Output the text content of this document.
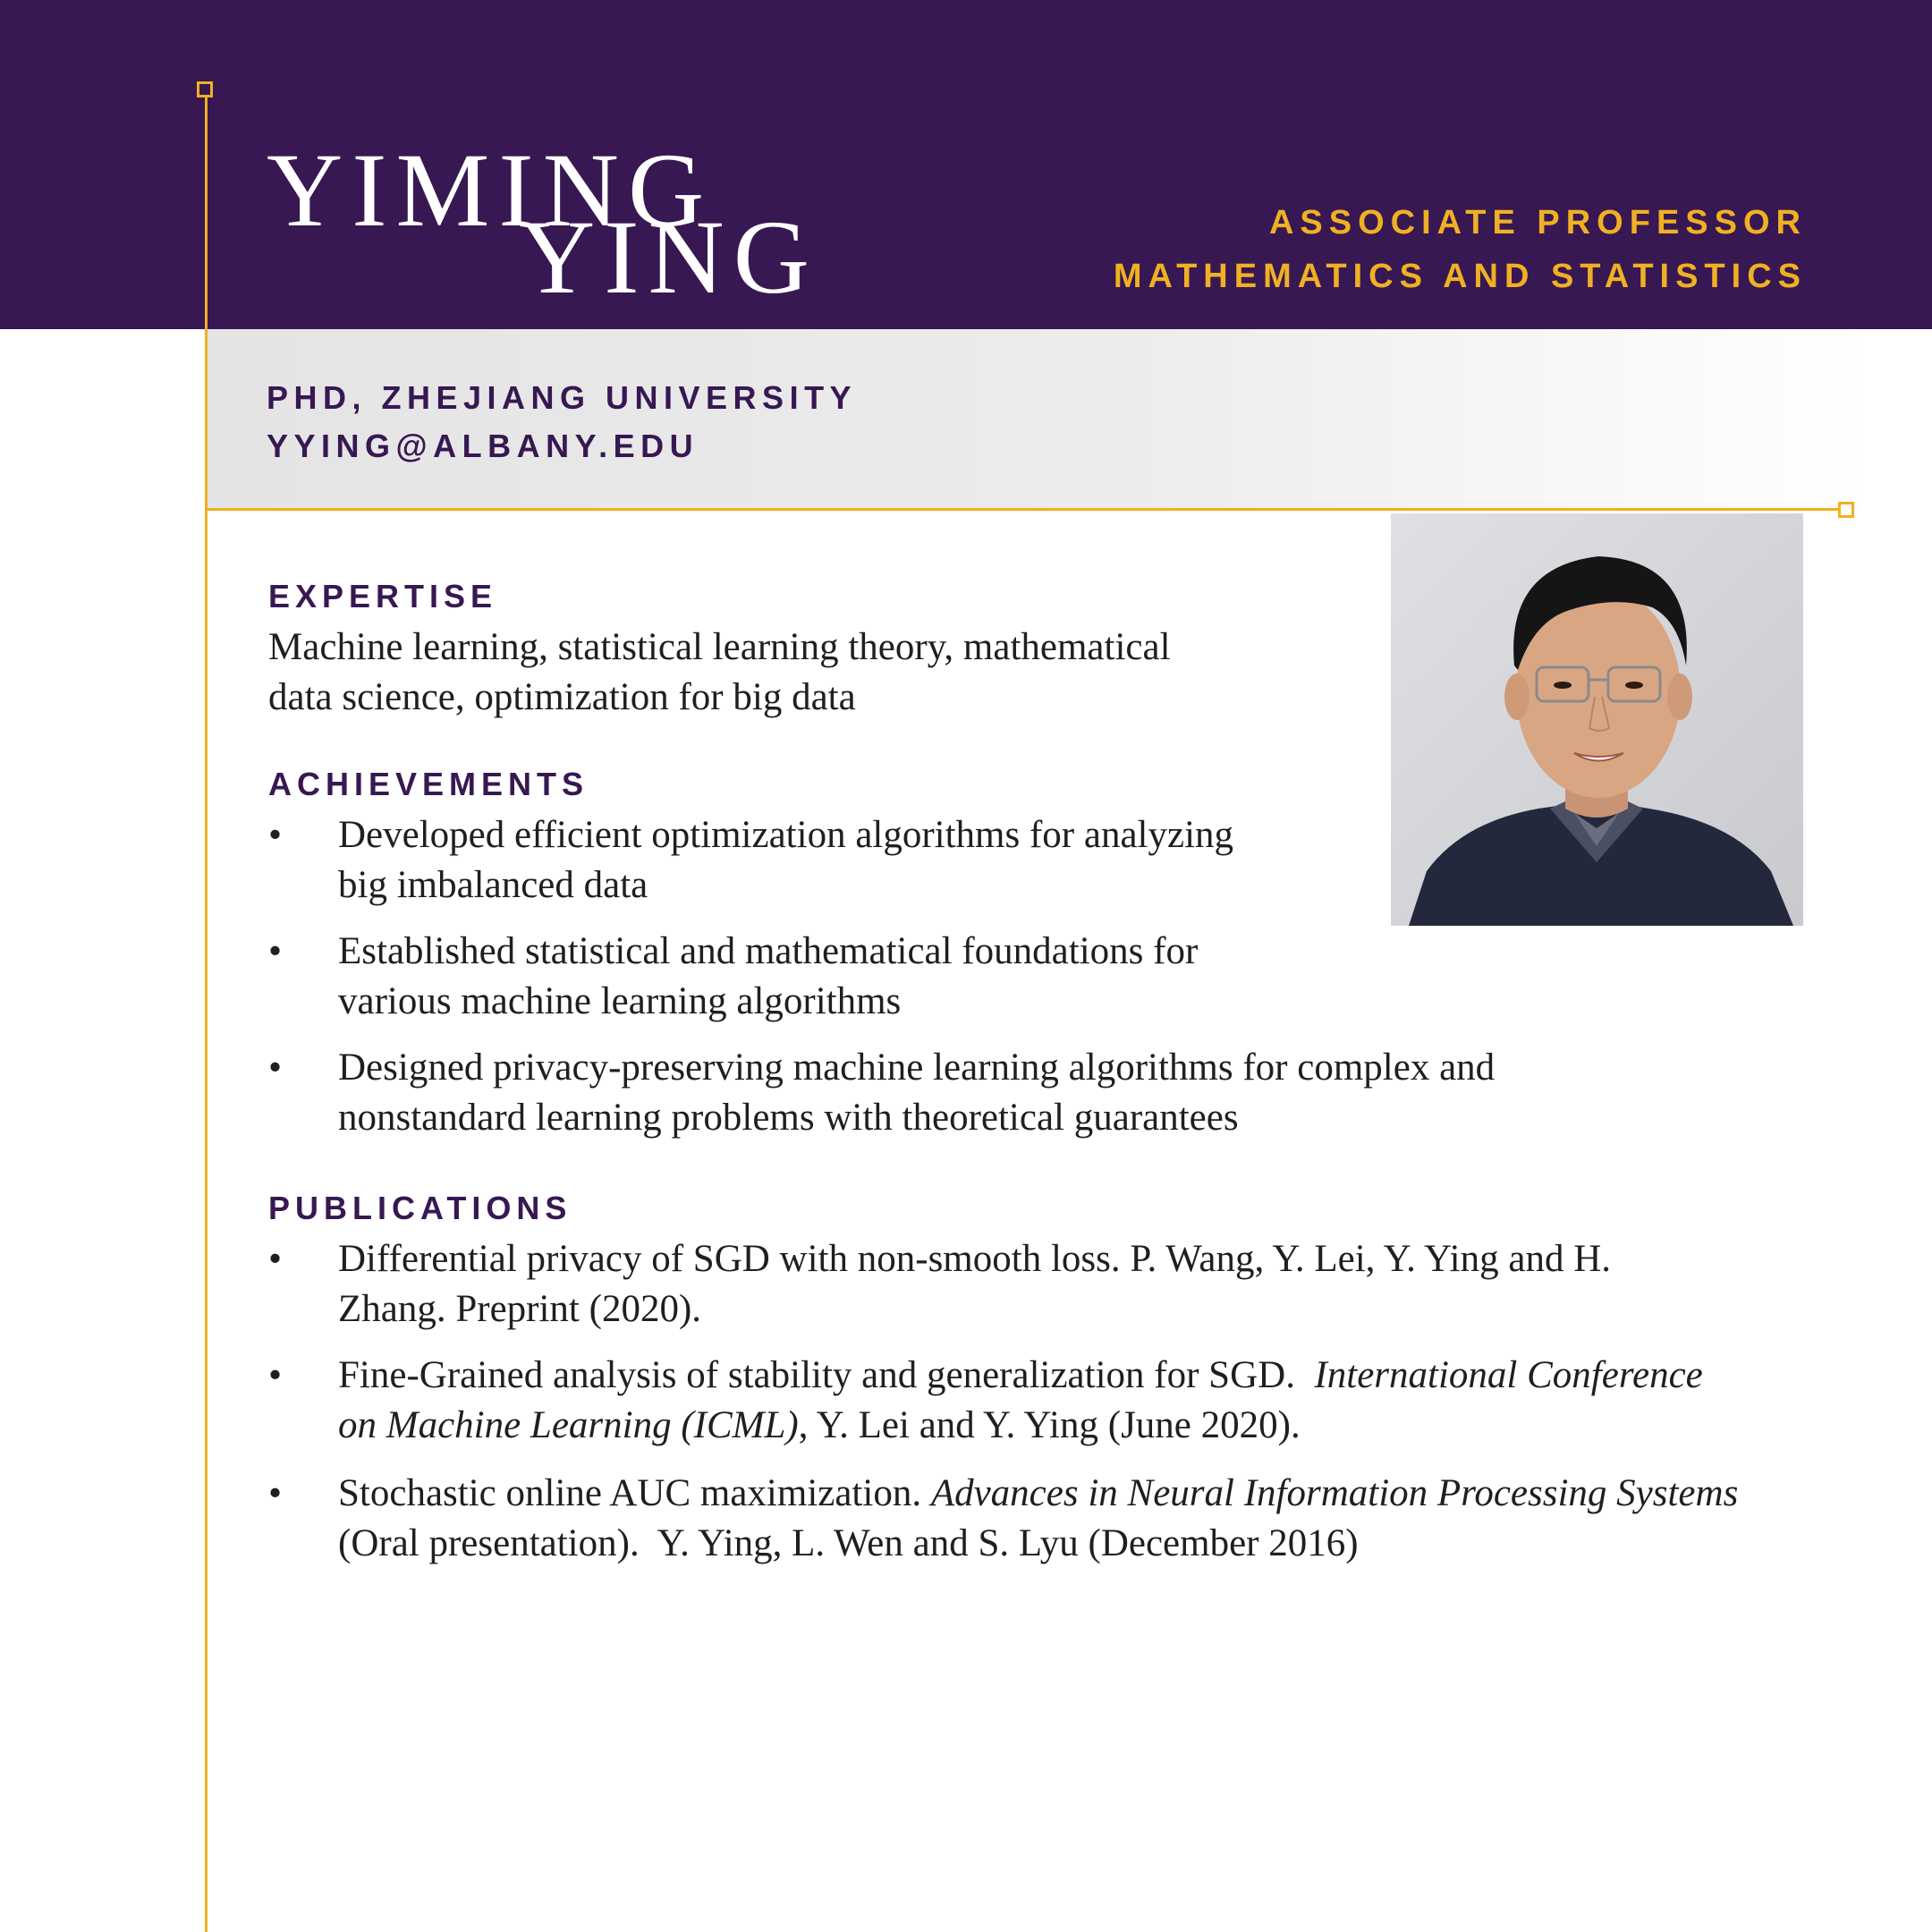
YIMING
YING	ASSOCIATE PROFESSOR
MATHEMATICS AND STATISTICS
PHD, ZHEJIANG UNIVERSITY
YYING@ALBANY.EDU
EXPERTISE
Machine learning, statistical learning theory, mathematical
data science, optimization for big data
ACHIEVEMENTS
• Developed efficient optimization algorithms for analyzing
big imbalanced data
• Established statistical and mathematical foundations for
various machine learning algorithms
• Designed privacy-preserving machine learning algorithms for complex and
nonstandard learning problems with theoretical guarantees
PUBLICATIONS
• Differential privacy of SGD with non-smooth loss. P. Wang, Y. Lei, Y. Ying and H.
Zhang. Preprint (2020).
• Fine-Grained analysis of stability and generalization for SGD.  International Conference
on Machine Learning (ICML), Y. Lei and Y. Ying (June 2020).
• Stochastic online AUC maximization. Advances in Neural Information Processing Systems
(Oral presentation).  Y. Ying, L. Wen and S. Lyu (December 2016)
